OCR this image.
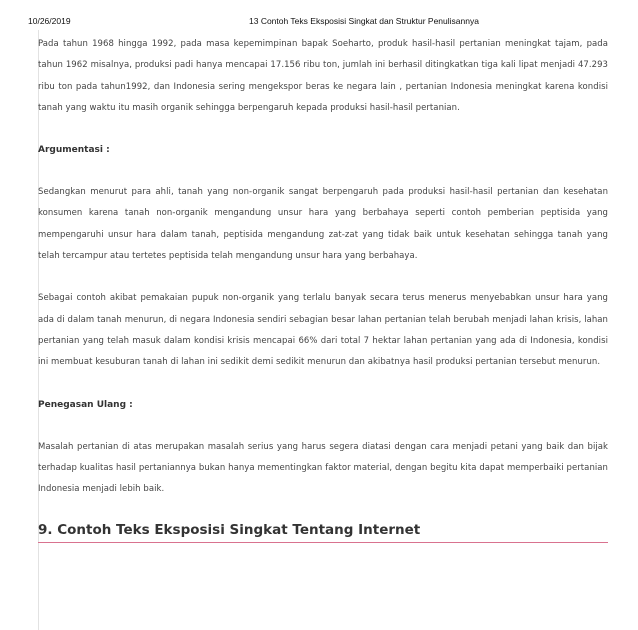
10/26/2019	13 Contoh Teks Eksposisi Singkat dan Struktur Penulisannya

Pada tahun 1968 hingga 1992, pada masa kepemimpinan bapak Soeharto, produk hasil-hasil pertanian meningkat tajam, pada tahun 1962 misalnya, produksi padi hanya mencapai 17.156 ribu ton, jumlah ini berhasil ditingkatkan tiga kali lipat menjadi 47.293 ribu ton pada tahun1992, dan Indonesia sering mengekspor beras ke negara lain , pertanian Indonesia meningkat karena kondisi tanah yang waktu itu masih organik sehingga berpengaruh kepada produksi hasil-hasil pertanian.

Argumentasi :

Sedangkan menurut para ahli, tanah yang non-organik sangat berpengaruh pada produksi hasil-hasil pertanian dan kesehatan konsumen karena tanah non-organik mengandung unsur hara yang berbahaya seperti contoh pemberian peptisida yang mempengaruhi unsur hara dalam tanah, peptisida mengandung zat-zat yang tidak baik untuk kesehatan sehingga tanah yang telah tercampur atau tertetes peptisida telah mengandung unsur hara yang berbahaya.

Sebagai contoh akibat pemakaian pupuk non-organik yang terlalu banyak secara terus menerus menyebabkan unsur hara yang ada di dalam tanah menurun, di negara Indonesia sendiri sebagian besar lahan pertanian telah berubah menjadi lahan krisis, lahan pertanian yang telah masuk dalam kondisi krisis mencapai 66% dari total 7 hektar lahan pertanian yang ada di Indonesia, kondisi ini membuat kesuburan tanah di lahan ini sedikit demi sedikit menurun dan akibatnya hasil produksi pertanian tersebut menurun.

Penegasan Ulang :

Masalah pertanian di atas merupakan masalah serius yang harus segera diatasi dengan cara menjadi petani yang baik dan bijak terhadap kualitas hasil pertaniannya bukan hanya mementingkan faktor material, dengan begitu kita dapat memperbaiki pertanian Indonesia menjadi lebih baik.

9. Contoh Teks Eksposisi Singkat Tentang Internet
